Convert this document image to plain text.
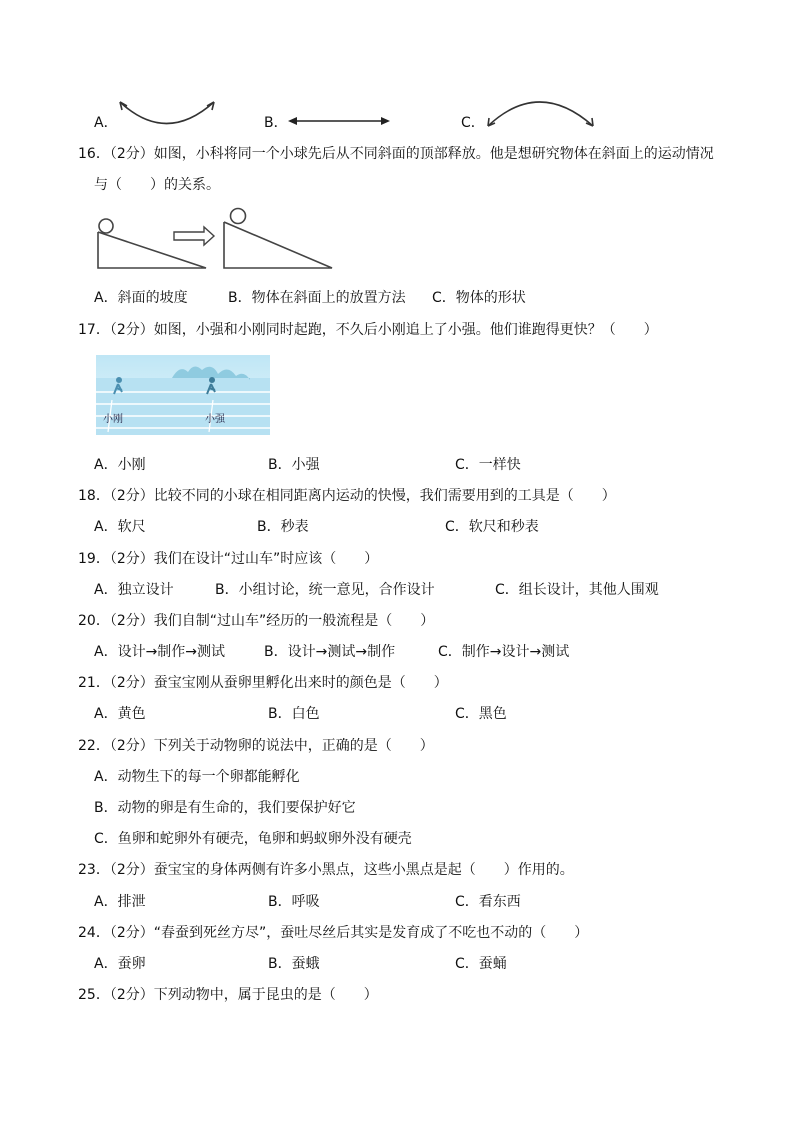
A．	B．	C．
16．（2分）如图，小科将同一个小球先后从不同斜面的顶部释放。他是想研究物体在斜面上的运动情况
与（　　）的关系。
A．斜面的坡度	B．物体在斜面上的放置方法 C．物体的形状
17．（2分）如图，小强和小刚同时起跑，不久后小刚追上了小强。他们谁跑得更快？（　　）
小刚	小强
A．小刚	B．小强	C．一样快
18．（2分）比较不同的小球在相同距离内运动的快慢，我们需要用到的工具是（　　）
A．软尺	B．秒表	C．软尺和秒表
19．（2分）我们在设计“过山车”时应该（　　）
A．独立设计	B．小组讨论，统一意见，合作设计	C．组长设计，其他人围观
20．（2分）我们自制“过山车”经历的一般流程是（　　）
A．设计→制作→测试	B．设计→测试→制作	C．制作→设计→测试
21．（2分）蚕宝宝刚从蚕卵里孵化出来时的颜色是（　　）
A．黄色	B．白色	C．黑色
22．（2分）下列关于动物卵的说法中，正确的是（　　）
A．动物生下的每一个卵都能孵化
B．动物的卵是有生命的，我们要保护好它
C．鱼卵和蛇卵外有硬壳，龟卵和蚂蚁卵外没有硬壳
23．（2分）蚕宝宝的身体两侧有许多小黑点，这些小黑点是起（　　）作用的。
A．排泄	B．呼吸	C．看东西
24．（2分）“春蚕到死丝方尽”，蚕吐尽丝后其实是发育成了不吃也不动的（　　）
A．蚕卵	B．蚕蛾	C．蚕蛹
25．（2分）下列动物中，属于昆虫的是（　　）
